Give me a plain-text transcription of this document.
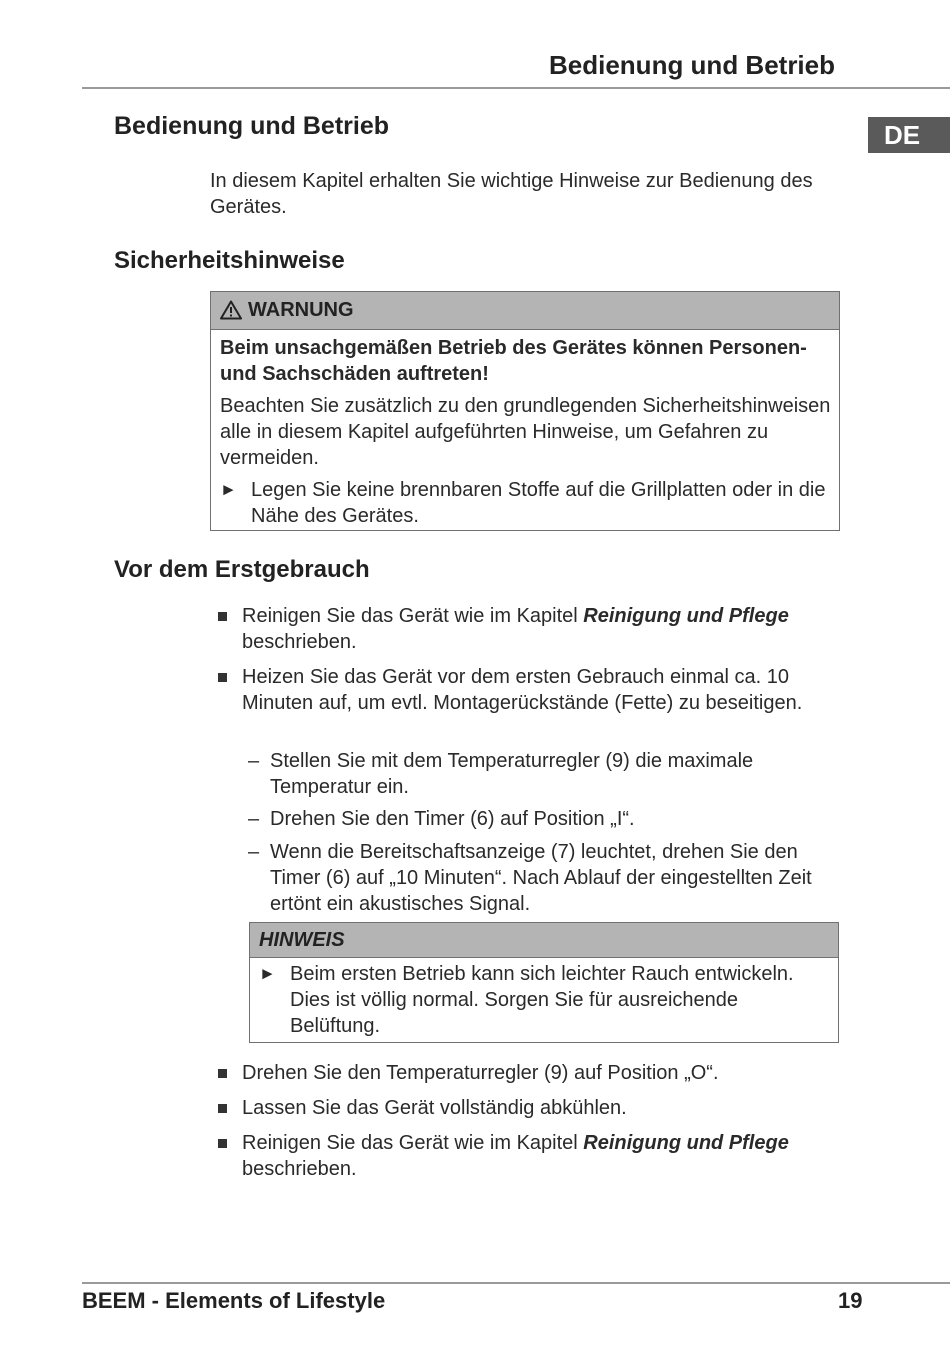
Bedienung und Betrieb
DE
Bedienung und Betrieb
In diesem Kapitel erhalten Sie wichtige Hinweise zur Bedienung des Gerätes.
Sicherheitshinweise
WARNUNG
Beim unsachgemäßen Betrieb des Gerätes können Personen- und Sachschäden auftreten!
Beachten Sie zusätzlich zu den grundlegenden Sicherheitshinweisen alle in diesem Kapitel aufgeführten Hinweise, um Gefahren zu vermeiden.
► Legen Sie keine brennbaren Stoffe auf die Grillplatten oder in die Nähe des Gerätes.
Vor dem Erstgebrauch
Reinigen Sie das Gerät wie im Kapitel Reinigung und Pflege
beschrieben.
Heizen Sie das Gerät vor dem ersten Gebrauch einmal ca. 10 Minuten auf, um evtl. Montagerückstände (Fette) zu beseitigen.
– Stellen Sie mit dem Temperaturregler (9) die maximale Temperatur ein.
– Drehen Sie den Timer (6) auf Position „I“.
– Wenn die Bereitschaftsanzeige (7) leuchtet, drehen Sie den Timer (6) auf „10 Minuten“. Nach Ablauf der eingestellten Zeit ertönt ein akustisches Signal.
HINWEIS
► Beim ersten Betrieb kann sich leichter Rauch entwickeln. Dies ist völlig normal. Sorgen Sie für ausreichende Belüftung.
Drehen Sie den Temperaturregler (9) auf Position „O“.
Lassen Sie das Gerät vollständig abkühlen.
Reinigen Sie das Gerät wie im Kapitel Reinigung und Pflege
beschrieben.
BEEM - Elements of Lifestyle	19
